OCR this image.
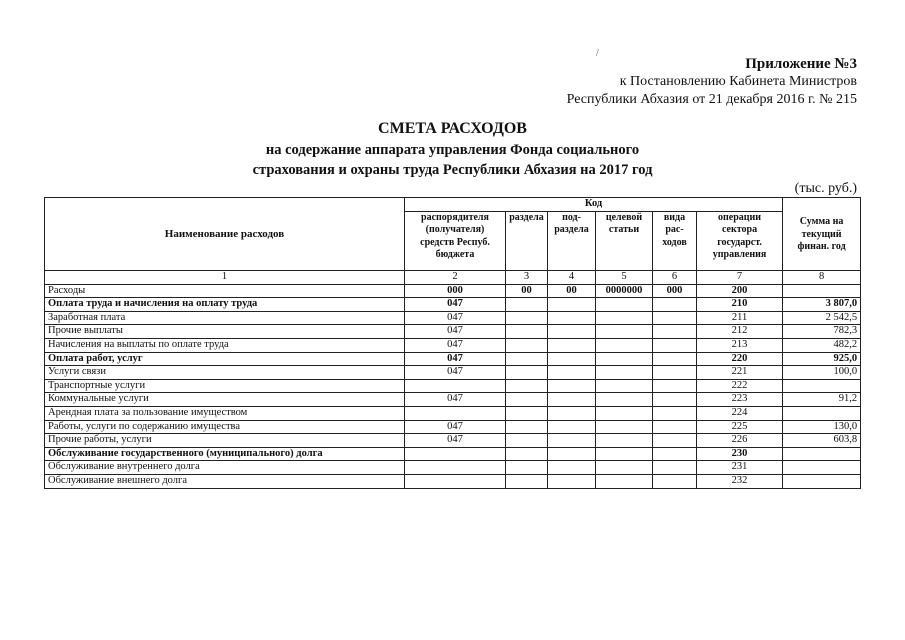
/
Приложение №3
к Постановлению Кабинета Министров
Республики Абхазия от 21 декабря 2016 г. № 215
СМЕТА РАСХОДОВ
на содержание аппарата управления Фонда социального
страхования и охраны труда Республики Абхазия на 2017 год
(тыс. руб.)
Наименование расходов	Код						
	распорядителя (получателя) средств Респуб. бюджета	раздела	под-раздела	целевой статьи	вида рас-ходов	операции сектора государст. управления	Сумма на текущий финан. год
1	2	3	4	5	6	7	8
Расходы	000	00	00	0000000	000	200	
Оплата труда и начисления на оплату труда	047					210	3 807,0
Заработная плата	047					211	2 542,5
Прочие выплаты	047					212	782,3
Начисления на выплаты по оплате труда	047					213	482,2
Оплата работ, услуг	047					220	925,0
Услуги связи	047					221	100,0
Транспортные услуги						222	
Коммунальные услуги	047					223	91,2
Арендная плата за пользование имуществом						224	
Работы, услуги по содержанию имущества	047					225	130,0
Прочие работы, услуги	047					226	603,8
Обслуживание государственного (муниципального) долга						230	
Обслуживание внутреннего долга						231	
Обслуживание внешнего долга						232	
